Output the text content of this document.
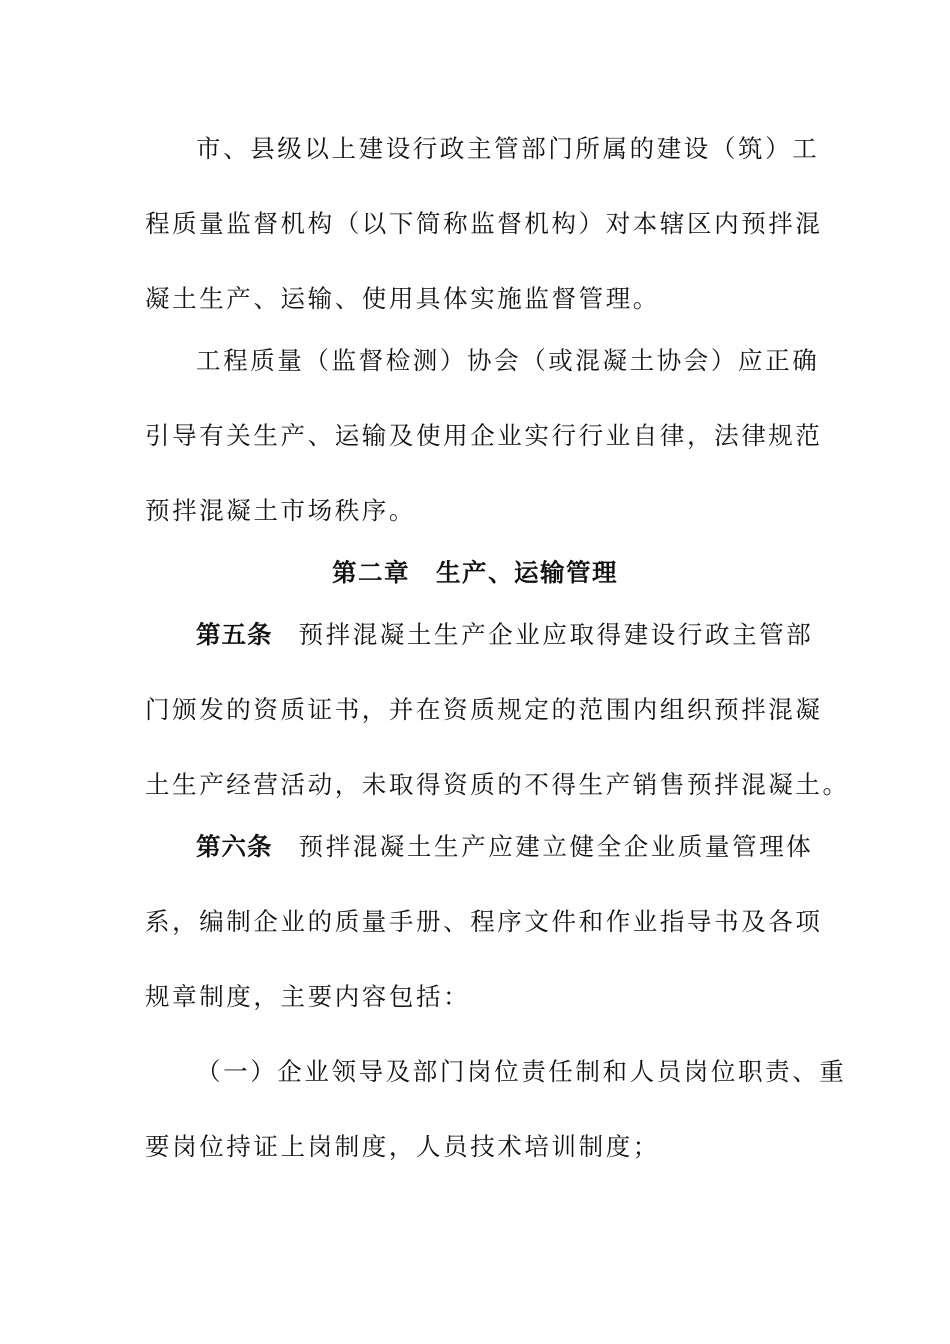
市、县级以上建设行政主管部门所属的建设（筑）工

程质量监督机构（以下简称监督机构）对本辖区内预拌混

凝土生产、运输、使用具体实施监督管理。

工程质量（监督检测）协会（或混凝土协会）应正确

引导有关生产、运输及使用企业实行行业自律，法律规范

预拌混凝土市场秩序。

第二章　生产、运输管理

第五条 预拌混凝土生产企业应取得建设行政主管部

门颁发的资质证书，并在资质规定的范围内组织预拌混凝

土生产经营活动，未取得资质的不得生产销售预拌混凝土。

第六条 预拌混凝土生产应建立健全企业质量管理体

系，编制企业的质量手册、程序文件和作业指导书及各项

规章制度，主要内容包括：

（一）企业领导及部门岗位责任制和人员岗位职责、重

要岗位持证上岗制度，人员技术培训制度；
